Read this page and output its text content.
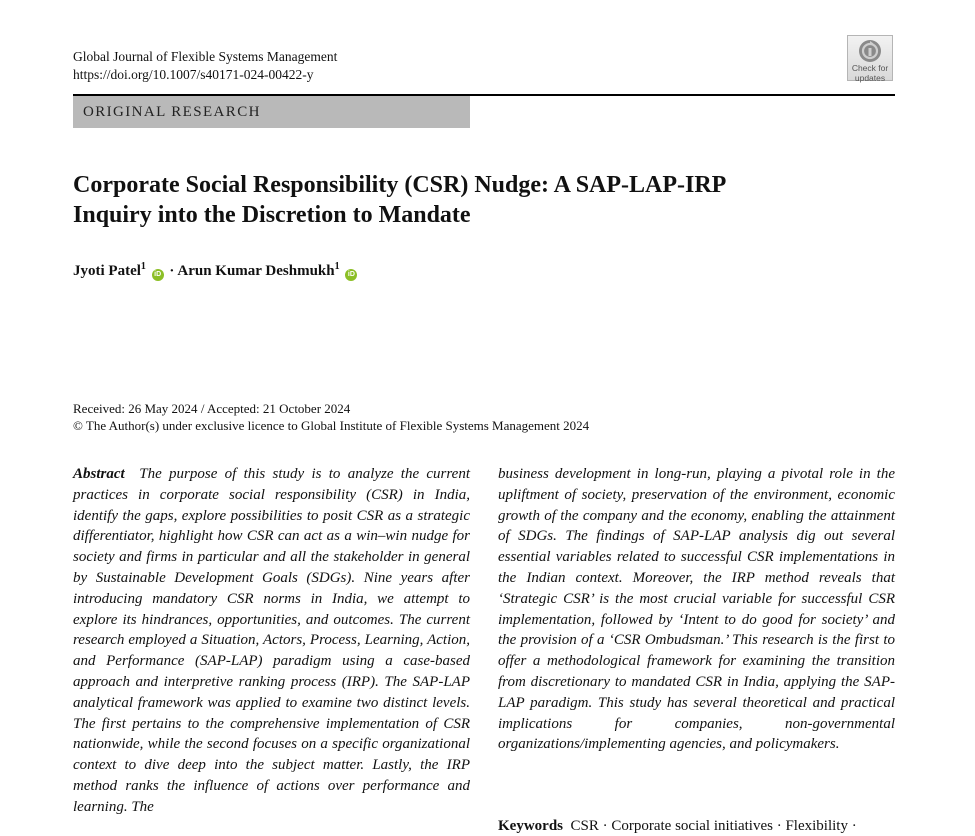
Global Journal of Flexible Systems Management
https://doi.org/10.1007/s40171-024-00422-y	Check for
updates
ORIGINAL RESEARCH
Corporate Social Responsibility (CSR) Nudge: A SAP-LAP-IRP
Inquiry into the Discretion to Mandate
Jyoti Patel$^1$ iD · Arun Kumar Deshmukh$^1$ iD
Received: 26 May 2024 / Accepted: 21 October 2024
© The Author(s) under exclusive licence to Global Institute of Flexible Systems Management 2024

Abstract The purpose of this study is to analyze the current practices in corporate social responsibility (CSR) in India, identify the gaps, explore possibilities to posit CSR as a strategic differentiator, highlight how CSR can act as a win–win nudge for society and firms in particular and all the stakeholder in general by Sustainable Development Goals (SDGs). Nine years after introducing mandatory CSR norms in India, we attempt to explore its hindrances, opportunities, and outcomes. The current research employed a Situation, Actors, Process, Learning, Action, and Performance (SAP-LAP) paradigm using a case-based approach and interpretive ranking process (IRP). The SAP-LAP analytical framework was applied to examine two distinct levels. The first pertains to the comprehensive implementation of CSR nationwide, while the second focuses on a specific organizational context to dive deep into the subject matter. Lastly, the IRP method ranks the influence of actions over performance and learning. The

business development in long-run, playing a pivotal role in the upliftment of society, preservation of the environment, economic growth of the company and the economy, enabling the attainment of SDGs. The findings of SAP-LAP analysis dig out several essential variables related to successful CSR implementations in the Indian context. Moreover, the IRP method reveals that ‘Strategic CSR’ is the most crucial variable for successful CSR implementation, followed by ‘Intent to do good for society’ and the provision of a ‘CSR Ombudsman.’ This research is the first to offer a methodological framework for examining the transition from discretionary to mandated CSR in India, applying the SAP-LAP paradigm. This study has several theoretical and practical implications for companies, non-governmental organizations/implementing agencies, and policymakers.

Keywords CSR · Corporate social initiatives · Flexibility ·
